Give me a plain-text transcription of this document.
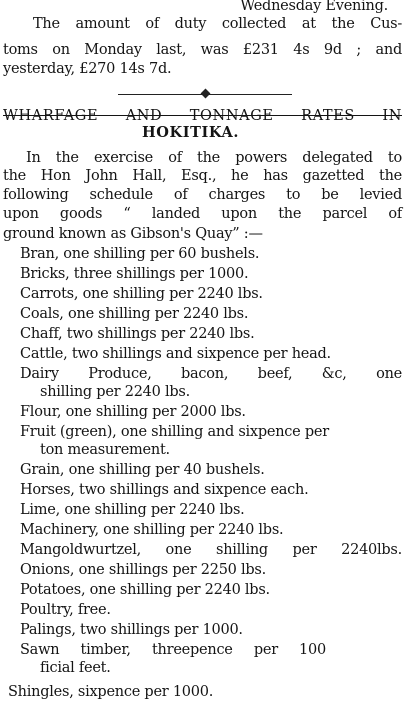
Wednesday Evening.

The amount of duty collected at the Cus-

toms on Monday last, was £231 4s 9d ; and

yesterday, £270 14s 7d.

WHARFAGE AND TONNAGE RATES IN

HOKITIKA.

In the exercise of the powers delegated to

the Hon John Hall, Esq., he has gazetted the

following schedule of charges to be levied

upon goods “ landed upon the parcel of

ground known as Gibson's Quay” :—

Bran, one shilling per 60 bushels.

Bricks, three shillings per 1000.

Carrots, one shilling per 2240 lbs.

Coals, one shilling per 2240 lbs.

Chaff, two shillings per 2240 lbs.

Cattle, two shillings and sixpence per head.

Dairy Produce, bacon, beef, &c, one

shilling per 2240 lbs.

Flour, one shilling per 2000 lbs.

Fruit (green), one shilling and sixpence per

ton measurement.

Grain, one shilling per 40 bushels.

Horses, two shillings and sixpence each.

Lime, one shilling per 2240 lbs.

Machinery, one shilling per 2240 lbs.

Mangoldwurtzel, one shilling per 2240lbs.

Onions, one shillings per 2250 lbs.

Potatoes, one shilling per 2240 lbs.

Poultry, free.

Palings, two shillings per 1000.

Sawn timber, threepence per 100

ficial feet.

Shingles, sixpence per 1000.
